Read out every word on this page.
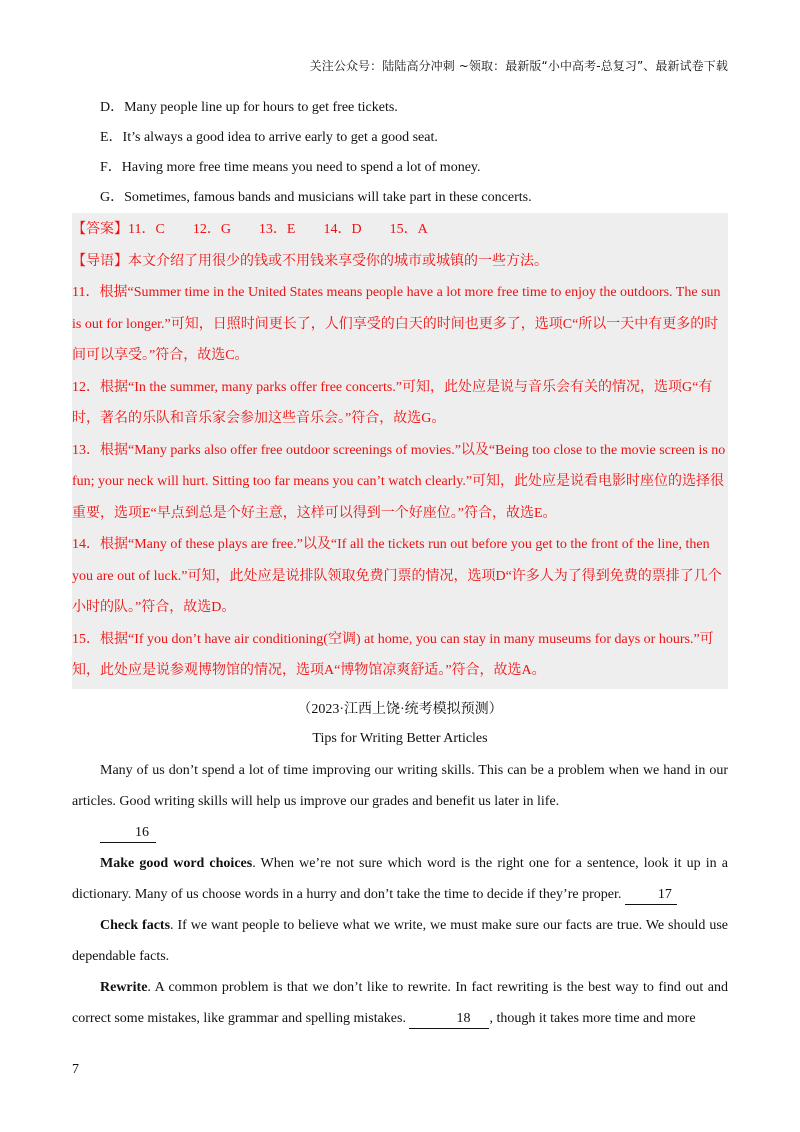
关注公众号：陆陆高分冲刺 ~领取：最新版“小中高考-总复习”、最新试卷下载
D．Many people line up for hours to get free tickets.
E．It’s always a good idea to arrive early to get a good seat.
F．Having more free time means you need to spend a lot of money.
G．Sometimes, famous bands and musicians will take part in these concerts.

【答案】11．C　　12．G　　13．E　　14．D　　15．A

【导语】本文介绍了用很少的钱或不用钱来享受你的城市或城镇的一些方法。

11．根据“Summer time in the United States means people have a lot more free time to enjoy the outdoors. The sun is out for longer.”可知，日照时间更长了，人们享受的白天的时间也更多了，选项C“所以一天中有更多的时间可以享受。”符合，故选C。

12．根据“In the summer, many parks offer free concerts.”可知，此处应是说与音乐会有关的情况，选项G“有时，著名的乐队和音乐家会参加这些音乐会。”符合，故选G。

13．根据“Many parks also offer free outdoor screenings of movies.”以及“Being too close to the movie screen is no fun; your neck will hurt. Sitting too far means you can’t watch clearly.”可知，此处应是说看电影时座位的选择很重要，选项E“早点到总是个好主意，这样可以得到一个好座位。”符合，故选E。

14．根据“Many of these plays are free.”以及“If all the tickets run out before you get to the front of the line, then you are out of luck.”可知，此处应是说排队领取免费门票的情况，选项D“许多人为了得到免费的票排了几个小时的队。”符合，故选D。

15．根据“If you don’t have air conditioning(空调) at home, you can stay in many museums for days or hours.”可知，此处应是说参观博物馆的情况，选项A“博物馆凉爽舒适。”符合，故选A。

（2023·江西上饶·统考模拟预测）
Tips for Writing Better Articles

Many of us don’t spend a lot of time improving our writing skills. This can be a problem when we hand in our articles. Good writing skills will help us improve our grades and benefit us later in life.

16

Make good word choices. When we’re not sure which word is the right one for a sentence, look it up in a dictionary. Many of us choose words in a hurry and don’t take the time to decide if they’re proper. 17

Check facts. If we want people to believe what we write, we must make sure our facts are true. We should use dependable facts.

Rewrite. A common problem is that we don’t like to rewrite. In fact rewriting is the best way to find out and correct some mistakes, like grammar and spelling mistakes.	18 , though it takes more time and more

7
